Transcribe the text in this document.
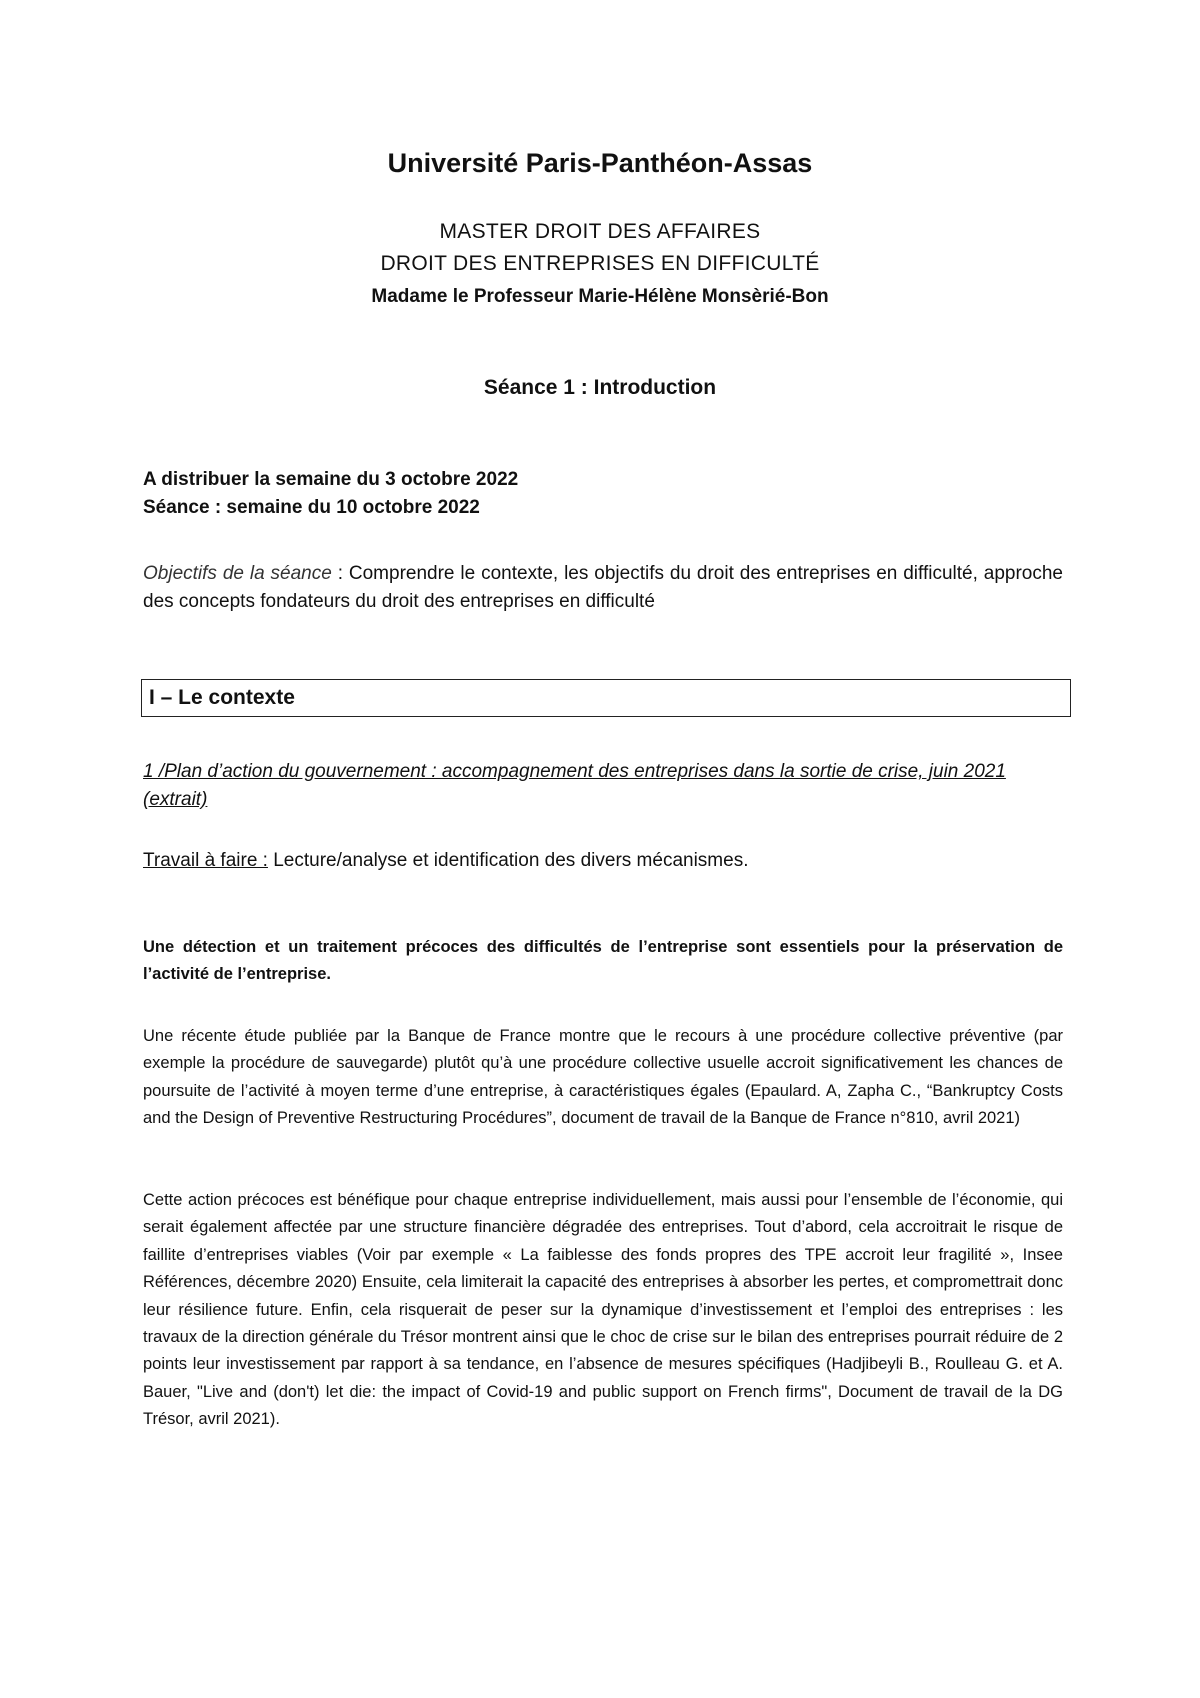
Université Paris-Panthéon-Assas
MASTER DROIT DES AFFAIRES
DROIT DES ENTREPRISES EN DIFFICULTÉ
Madame le Professeur Marie-Hélène Monsèrié-Bon
Séance 1 : Introduction
A distribuer la semaine du 3 octobre 2022
Séance : semaine du 10 octobre 2022
Objectifs de la séance : Comprendre le contexte, les objectifs du droit des entreprises en difficulté, approche des concepts fondateurs du droit des entreprises en difficulté
I – Le contexte
1 /Plan d’action du gouvernement : accompagnement des entreprises dans la sortie de crise, juin 2021 (extrait)
Travail à faire : Lecture/analyse et identification des divers mécanismes.
Une détection et un traitement précoces des difficultés de l’entreprise sont essentiels pour la préservation de l’activité de l’entreprise.
Une récente étude publiée par la Banque de France montre que le recours à une procédure collective préventive (par exemple la procédure de sauvegarde) plutôt qu’à une procédure collective usuelle accroit significativement les chances de poursuite de l’activité à moyen terme d’une entreprise, à caractéristiques égales (Epaulard. A, Zapha C., “Bankruptcy Costs and the Design of Preventive Restructuring Procédures”, document de travail de la Banque de France n°810, avril 2021)
Cette action précoces est bénéfique pour chaque entreprise individuellement, mais aussi pour l’ensemble de l’économie, qui serait également affectée par une structure financière dégradée des entreprises. Tout d’abord, cela accroitrait le risque de faillite d’entreprises viables (Voir par exemple « La faiblesse des fonds propres des TPE accroit leur fragilité », Insee Références, décembre 2020) Ensuite, cela limiterait la capacité des entreprises à absorber les pertes, et compromettrait donc leur résilience future. Enfin, cela risquerait de peser sur la dynamique d’investissement et l’emploi des entreprises : les travaux de la direction générale du Trésor montrent ainsi que le choc de crise sur le bilan des entreprises pourrait réduire de 2 points leur investissement par rapport à sa tendance, en l’absence de mesures spécifiques (Hadjibeyli B., Roulleau G. et A. Bauer, "Live and (don't) let die: the impact of Covid-19 and public support on French firms", Document de travail de la DG Trésor, avril 2021).
